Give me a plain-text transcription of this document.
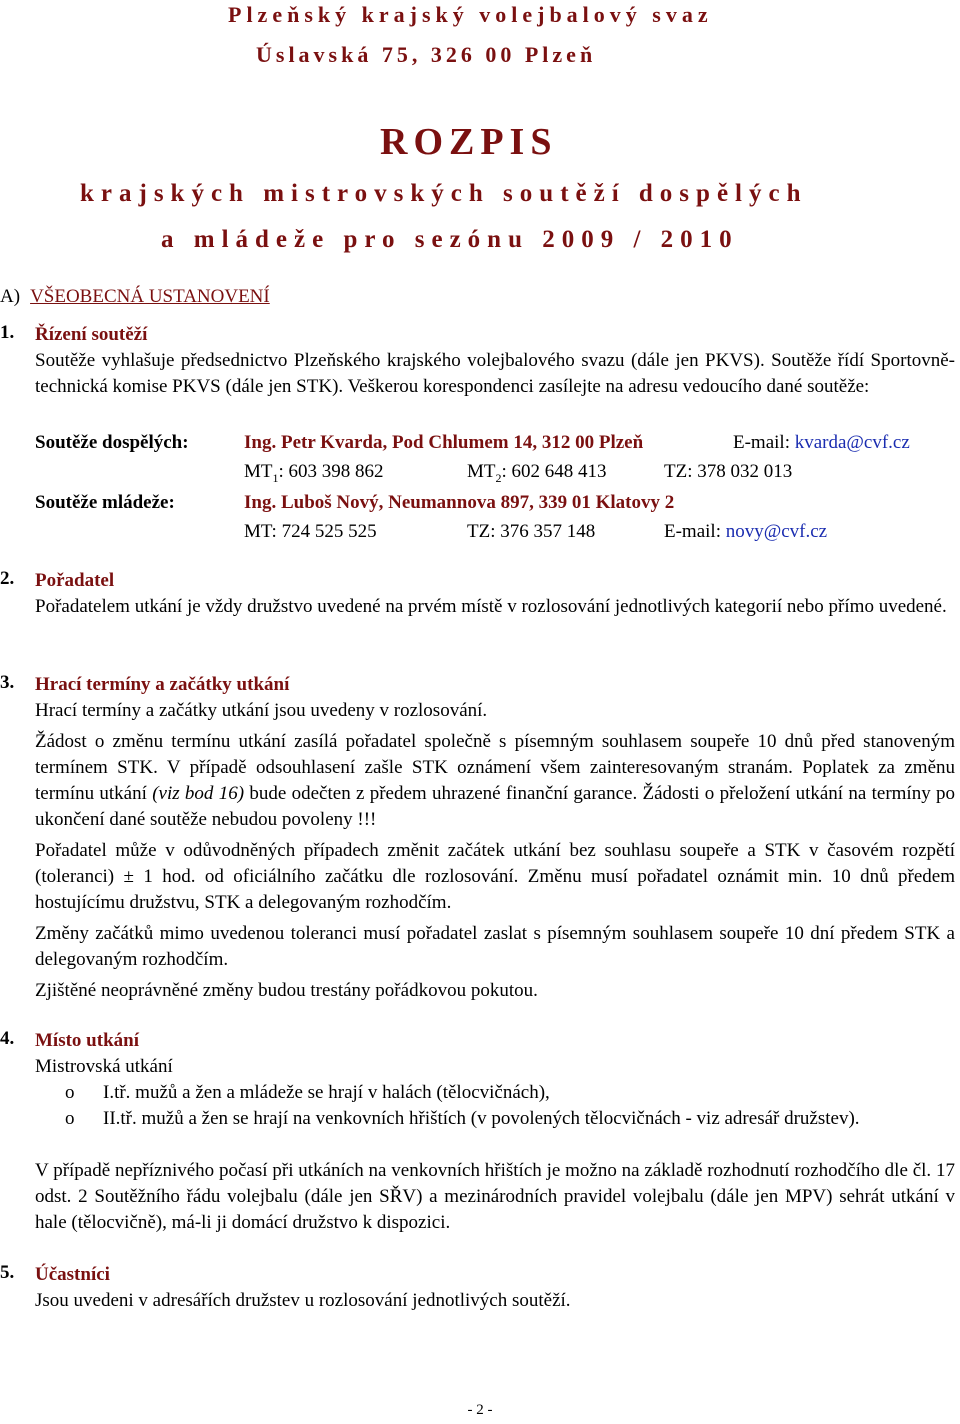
Plzeňský krajský volejbalový svaz
Úslavská 75, 326 00 Plzeň
ROZPIS
krajských mistrovských soutěží dospělých
a mládeže pro sezónu 2009 / 2010
A) VŠEOBECNÁ USTANOVENÍ
1. Řízení soutěží

Soutěže vyhlašuje předsednictvo Plzeňského krajského volejbalového svazu (dále jen PKVS). Soutěže řídí Sportovně-technická komise PKVS (dále jen STK). Veškerou korespondenci zasílejte na adresu vedoucího dané soutěže:

Soutěže dospělých:	Ing. Petr Kvarda, Pod Chlumem 14, 312 00 Plzeň	E-mail: kvarda@cvf.cz
$MT_1$: 603 398 862	$MT_2$: 602 648 413	TZ: 378 032 013
Soutěže mládeže:	Ing. Luboš Nový, Neumannova 897, 339 01 Klatovy 2
MT: 724 525 525	TZ: 376 357 148	E-mail: novy@cvf.cz
2. Pořadatel

Pořadatelem utkání je vždy družstvo uvedené na prvém místě v rozlosování jednotlivých kategorií nebo přímo uvedené.

3. Hrací termíny a začátky utkání

Hrací termíny a začátky utkání jsou uvedeny v rozlosování.

Žádost o změnu termínu utkání zasílá pořadatel společně s písemným souhlasem soupeře 10 dnů před stanoveným termínem STK. V případě odsouhlasení zašle STK oznámení všem zainteresovaným stranám. Poplatek za změnu termínu utkání (viz bod 16) bude odečten z předem uhrazené finanční garance. Žádosti o přeložení utkání na termíny po ukončení dané soutěže nebudou povoleny !!!

Pořadatel může v odůvodněných případech změnit začátek utkání bez souhlasu soupeře a STK v časovém rozpětí (toleranci) ± 1 hod. od oficiálního začátku dle rozlosování. Změnu musí pořadatel oznámit min. 10 dnů předem hostujícímu družstvu, STK a delegovaným rozhodčím.

Změny začátků mimo uvedenou toleranci musí pořadatel zaslat s písemným souhlasem soupeře 10 dní předem STK a delegovaným rozhodčím.

Zjištěné neoprávněné změny budou trestány pořádkovou pokutou.

4. Místo utkání

Mistrovská utkání

o I.tř. mužů a žen a mládeže se hrají v halách (tělocvičnách),
o II.tř. mužů a žen se hrají na venkovních hřištích (v povolených tělocvičnách - viz adresář družstev).
V případě nepříznivého počasí při utkáních na venkovních hřištích je možno na základě rozhodnutí rozhodčího dle čl. 17 odst. 2 Soutěžního řádu volejbalu (dále jen SŘV) a mezinárodních pravidel volejbalu (dále jen MPV) sehrát utkání v hale (tělocvičně), má-li ji domácí družstvo k dispozici.
5. Účastníci

Jsou uvedeni v adresářích družstev u rozlosování jednotlivých soutěží.

- 2 -
